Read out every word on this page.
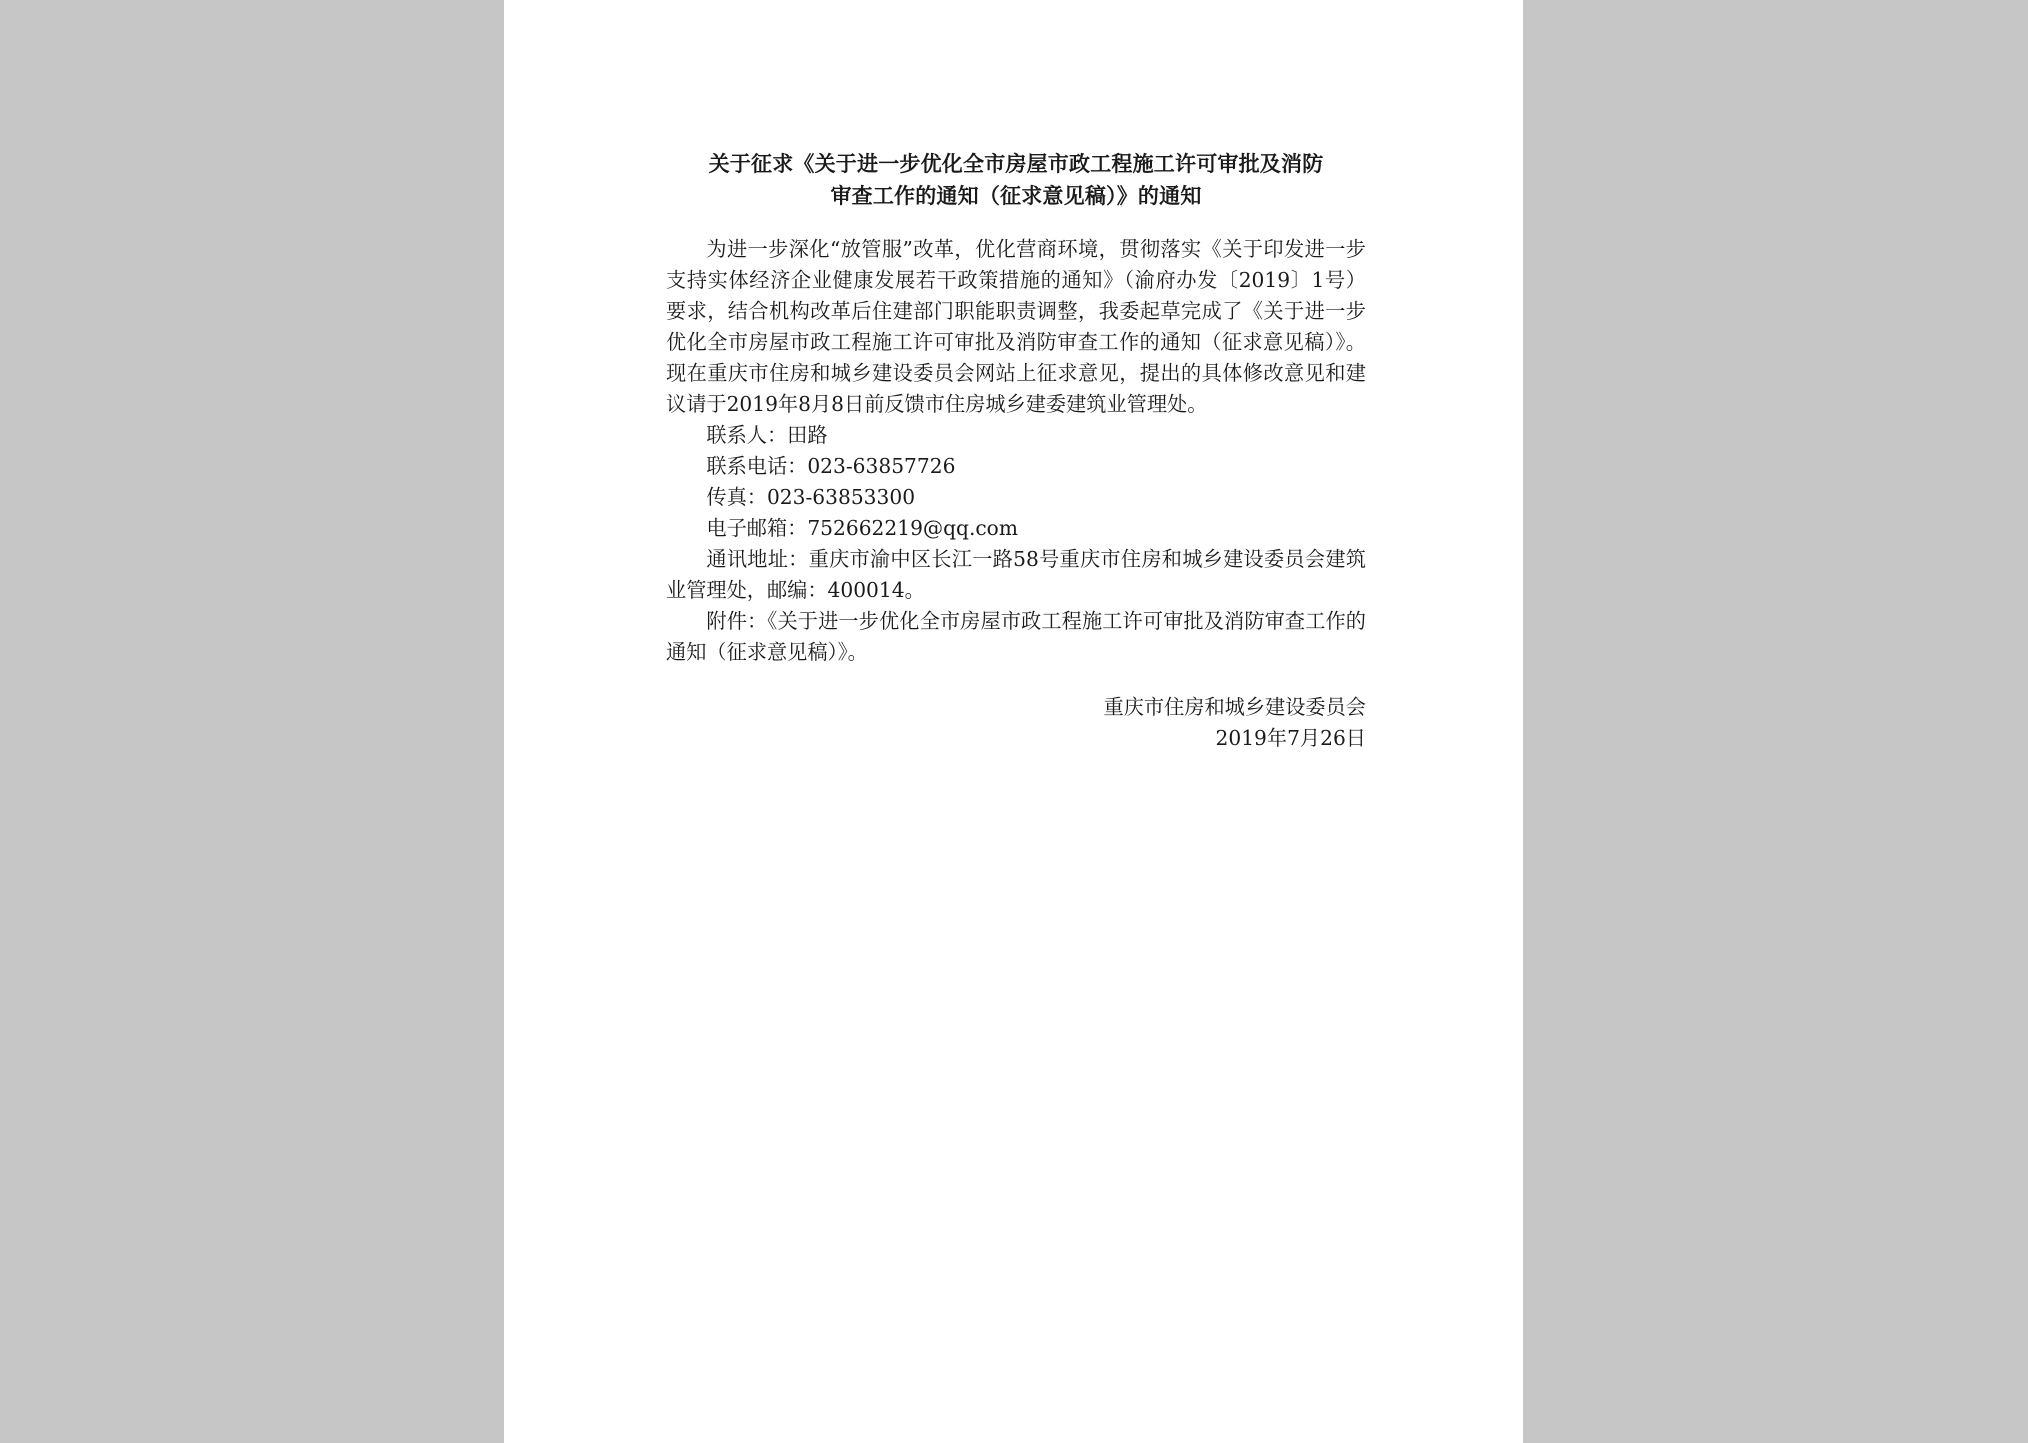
关于征求《关于进一步优化全市房屋市政工程施工许可审批及消防
审查工作的通知（征求意见稿）》的通知

为进一步深化“放管服”改革，优化营商环境，贯彻落实《关于印发进一步支持实体经济企业健康发展若干政策措施的通知》（渝府办发〔2019〕1号）要求，结合机构改革后住建部门职能职责调整，我委起草完成了《关于进一步优化全市房屋市政工程施工许可审批及消防审查工作的通知（征求意见稿）》。现在重庆市住房和城乡建设委员会网站上征求意见，提出的具体修改意见和建议请于2019年8月8日前反馈市住房城乡建委建筑业管理处。

联系人：田路

联系电话：023-63857726

传真：023-63853300

电子邮箱：752662219@qq.com

通讯地址：重庆市渝中区长江一路58号重庆市住房和城乡建设委员会建筑业管理处，邮编：400014。

附件：《关于进一步优化全市房屋市政工程施工许可审批及消防审查工作的通知（征求意见稿）》。

重庆市住房和城乡建设委员会
2019年7月26日
